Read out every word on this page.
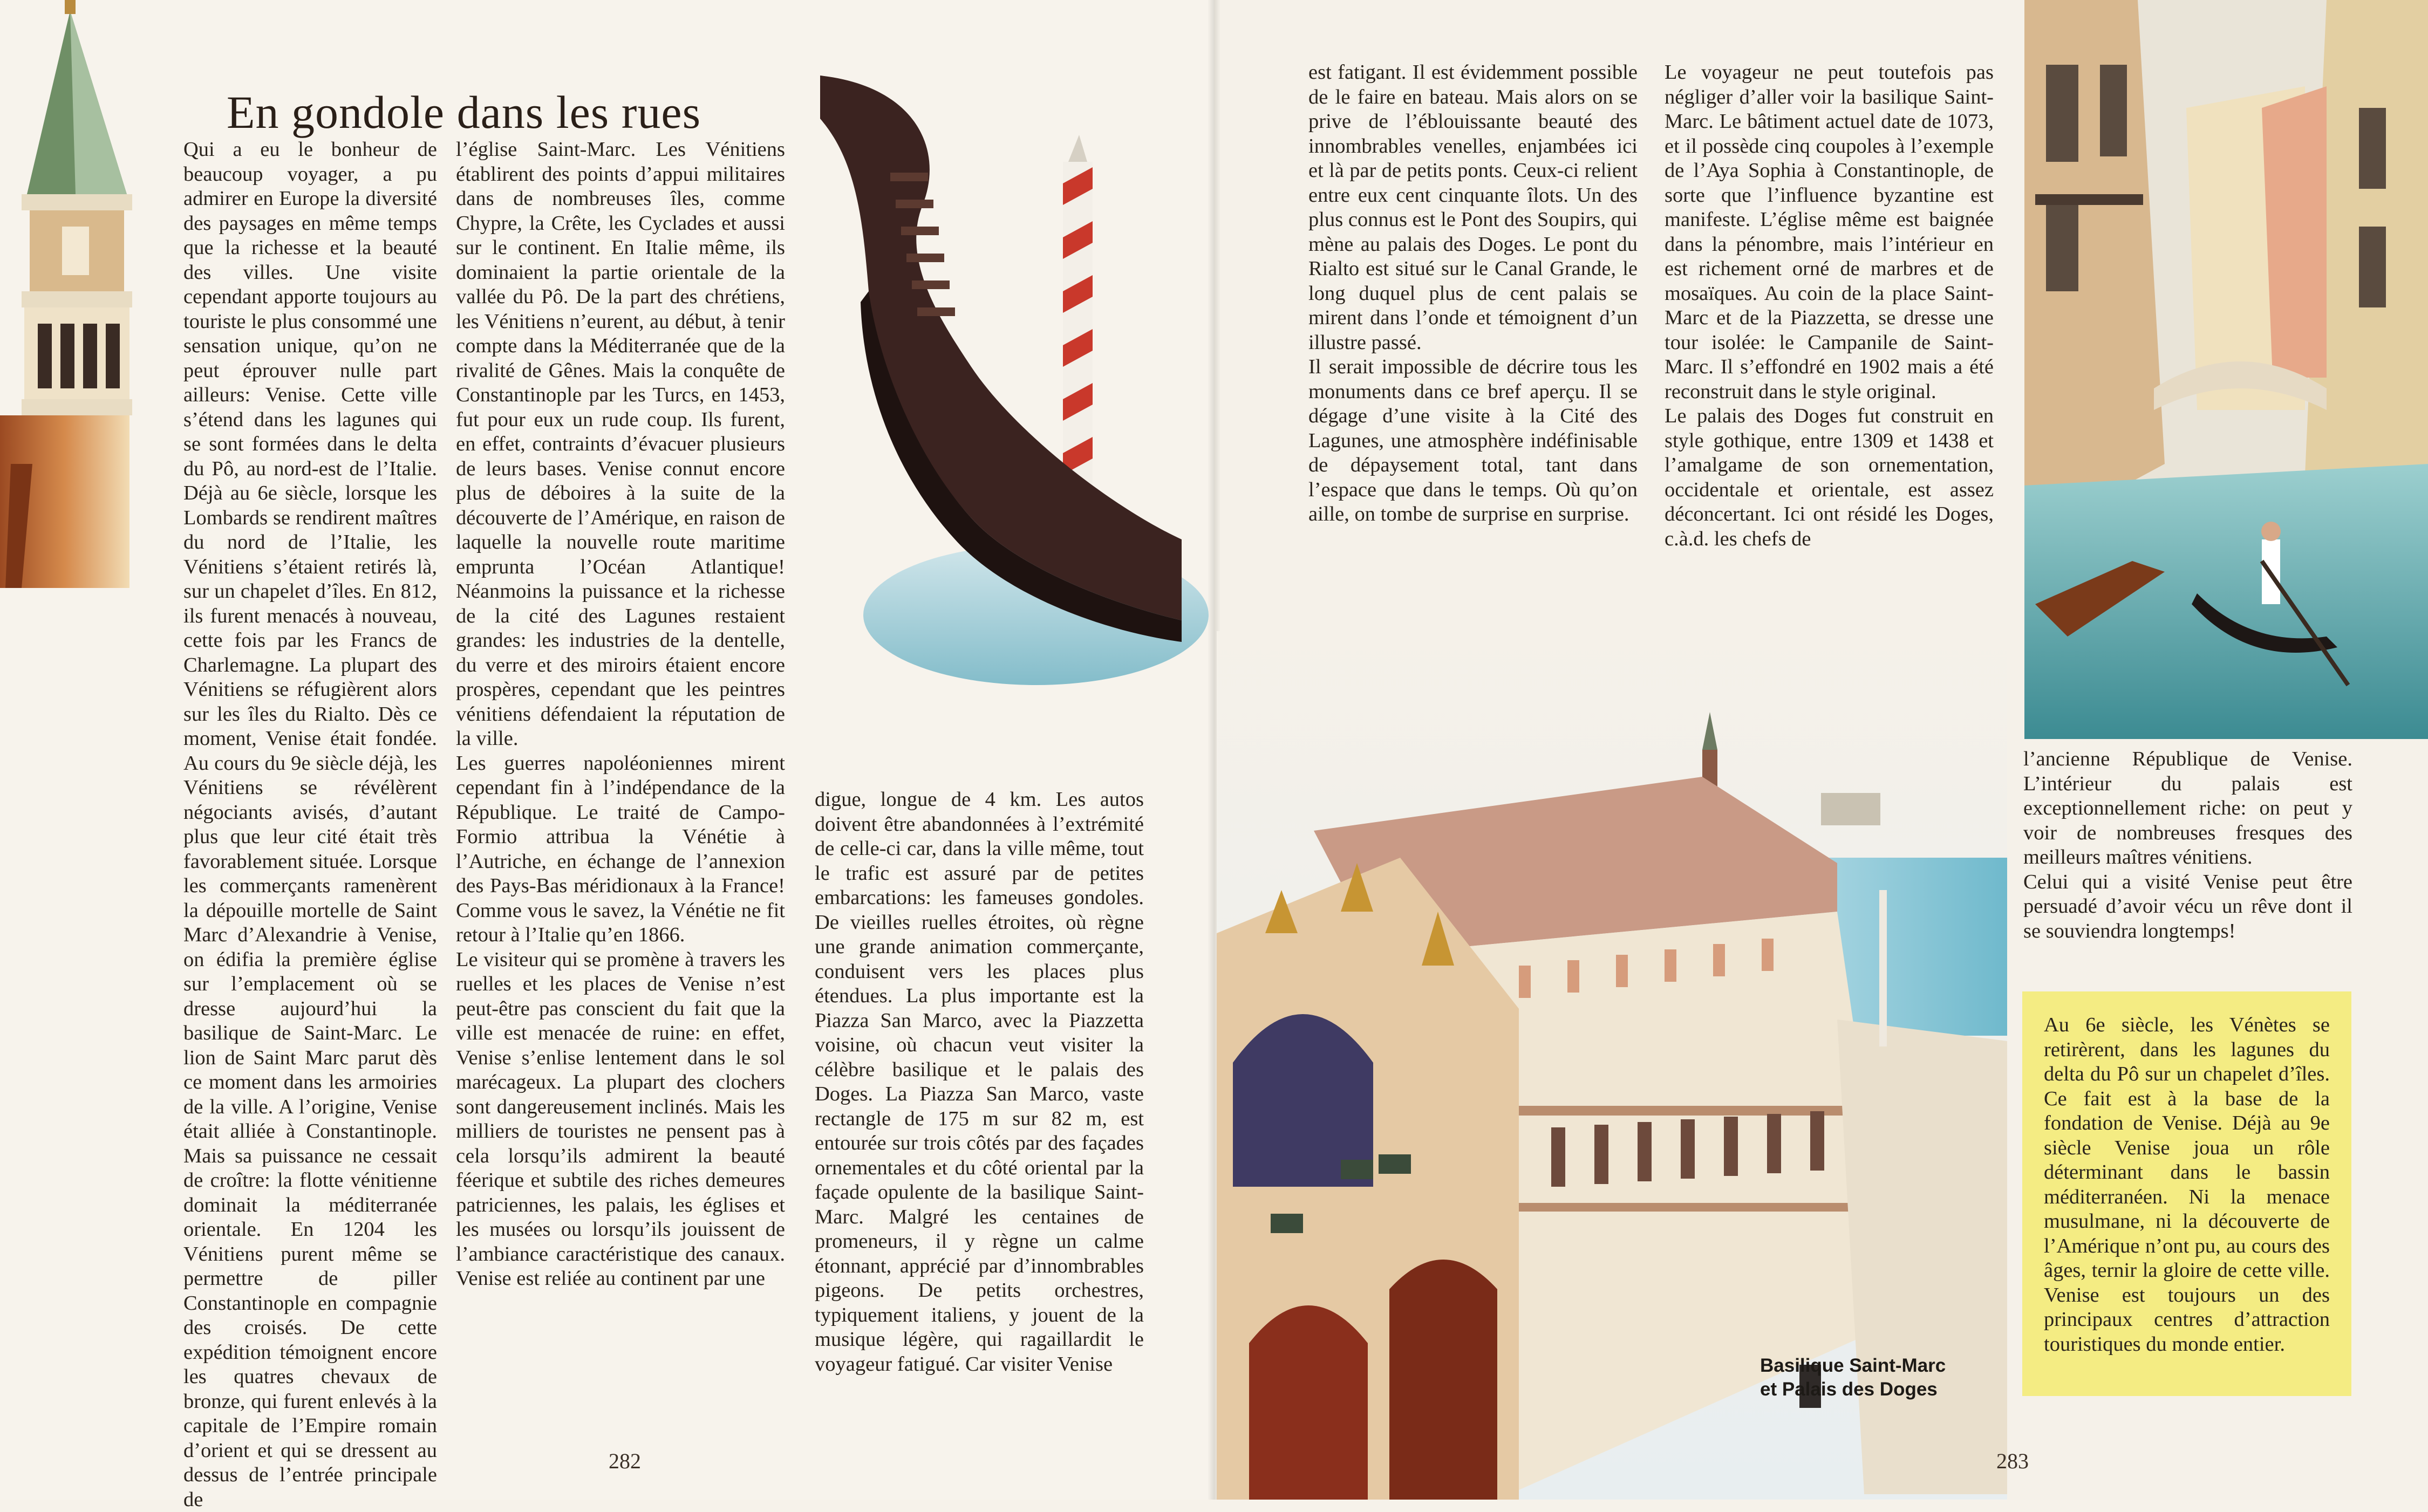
En gondole dans les rues

Qui a eu le bonheur de beaucoup voyager, a pu admirer en Europe la diversité des paysages en même temps que la richesse et la beauté des villes. Une visite cependant apporte toujours au touriste le plus consommé une sensation unique, qu’on ne peut éprouver nulle part ailleurs: Venise. Cette ville s’étend dans les lagunes qui se sont formées dans le delta du Pô, au nord-est de l’Italie. Déjà au 6e siècle, lorsque les Lombards se rendirent maîtres du nord de l’Italie, les Vénitiens s’étaient retirés là, sur un chapelet d’îles. En 812, ils furent menacés à nouveau, cette fois par les Francs de Charlemagne. La plupart des Vénitiens se réfugièrent alors sur les îles du Rialto. Dès ce moment, Venise était fondée. Au cours du 9e siècle déjà, les Vénitiens se révélèrent négociants avisés, d’autant plus que leur cité était très favorablement située. Lorsque les commerçants ramenèrent la dépouille mortelle de Saint Marc d’Alexandrie à Venise, on édifia la première église sur l’emplacement où se dresse aujourd’hui la basilique de Saint-Marc. Le lion de Saint Marc parut dès ce moment dans les armoiries de la ville. A l’origine, Venise était alliée à Constantinople. Mais sa puissance ne cessait de croître: la flotte vénitienne dominait la méditerranée orientale. En 1204 les Vénitiens purent même se permettre de piller Constantinople en compagnie des croisés. De cette expédition témoignent encore les quatres chevaux de bronze, qui furent enlevés à la capitale de l’Empire romain d’orient et qui se dressent au dessus de l’entrée principale de

l’église Saint-Marc. Les Vénitiens établirent des points d’appui militaires dans de nombreuses îles, comme Chypre, la Crête, les Cyclades et aussi sur le continent. En Italie même, ils dominaient la partie orientale de la vallée du Pô. De la part des chrétiens, les Vénitiens n’eurent, au début, à tenir compte dans la Méditerranée que de la rivalité de Gênes. Mais la conquête de Constantinople par les Turcs, en 1453, fut pour eux un rude coup. Ils furent, en effet, contraints d’évacuer plusieurs de leurs bases. Venise connut encore plus de déboires à la suite de la découverte de l’Amérique, en raison de laquelle la nouvelle route maritime emprunta l’Océan Atlantique! Néanmoins la puissance et la richesse de la cité des Lagunes restaient grandes: les industries de la dentelle, du verre et des miroirs étaient encore prospères, cependant que les peintres vénitiens défendaient la réputation de la ville.

Les guerres napoléoniennes mirent cependant fin à l’indépendance de la République. Le traité de Campo-Formio attribua la Vénétie à l’Autriche, en échange de l’annexion des Pays-Bas méridionaux à la France! Comme vous le savez, la Vénétie ne fit retour à l’Italie qu’en 1866.

Le visiteur qui se promène à travers les ruelles et les places de Venise n’est peut-être pas conscient du fait que la ville est menacée de ruine: en effet, Venise s’enlise lentement dans le sol marécageux. La plupart des clochers sont dangereusement inclinés. Mais les milliers de touristes ne pensent pas à cela lorsqu’ils admirent la beauté féerique et subtile des riches demeures patriciennes, les palais, les églises et les musées ou lorsqu’ils jouissent de l’ambiance caractéristique des canaux. Venise est reliée au continent par une

digue, longue de 4 km. Les autos doivent être abandonnées à l’extrémité de celle-ci car, dans la ville même, tout le trafic est assuré par de petites embarcations: les fameuses gondoles. De vieilles ruelles étroites, où règne une grande animation commerçante, conduisent vers les places plus étendues. La plus importante est la Piazza San Marco, avec la Piazzetta voisine, où chacun veut visiter la célèbre basilique et le palais des Doges. La Piazza San Marco, vaste rectangle de 175 m sur 82 m, est entourée sur trois côtés par des façades ornementales et du côté oriental par la façade opulente de la basilique Saint-Marc. Malgré les centaines de promeneurs, il y règne un calme étonnant, apprécié par d’innombrables pigeons. De petits orchestres, typiquement italiens, y jouent de la musique légère, qui ragaillardit le voyageur fatigué. Car visiter Venise

est fatigant. Il est évidemment possible de le faire en bateau. Mais alors on se prive de l’éblouissante beauté des innombrables venelles, enjambées ici et là par de petits ponts. Ceux-ci relient entre eux cent cinquante îlots. Un des plus connus est le Pont des Soupirs, qui mène au palais des Doges. Le pont du Rialto est situé sur le Canal Grande, le long duquel plus de cent palais se mirent dans l’onde et témoignent d’un illustre passé.

Il serait impossible de décrire tous les monuments dans ce bref aperçu. Il se dégage d’une visite à la Cité des Lagunes, une atmosphère indéfinisable de dépaysement total, tant dans l’espace que dans le temps. Où qu’on aille, on tombe de surprise en surprise.

Le voyageur ne peut toutefois pas négliger d’aller voir la basilique Saint-Marc. Le bâtiment actuel date de 1073, et il possède cinq coupoles à l’exemple de l’Aya Sophia à Constantinople, de sorte que l’influence byzantine est manifeste. L’église même est baignée dans la pénombre, mais l’intérieur en est richement orné de marbres et de mosaïques. Au coin de la place Saint-Marc et de la Piazzetta, se dresse une tour isolée: le Campanile de Saint-Marc. Il s’effondré en 1902 mais a été reconstruit dans le style original.

Le palais des Doges fut construit en style gothique, entre 1309 et 1438 et l’amalgame de son ornementation, occidentale et orientale, est assez déconcertant. Ici ont résidé les Doges, c.à.d. les chefs de

l’ancienne République de Venise. L’intérieur du palais est exceptionnellement riche: on peut y voir de nombreuses fresques des meilleurs maîtres vénitiens.

Celui qui a visité Venise peut être persuadé d’avoir vécu un rêve dont il se souviendra longtemps!

Au 6e siècle, les Vénètes se retirèrent, dans les lagunes du delta du Pô sur un chapelet d’îles. Ce fait est à la base de la fondation de Venise. Déjà au 9e siècle Venise joua un rôle déterminant dans le bassin méditerranéen. Ni la menace musulmane, ni la découverte de l’Amérique n’ont pu, au cours des âges, ternir la gloire de cette ville. Venise est toujours un des principaux centres d’attraction touristiques du monde entier.
Basilique Saint-Marc
et Palais des Doges
282	283
